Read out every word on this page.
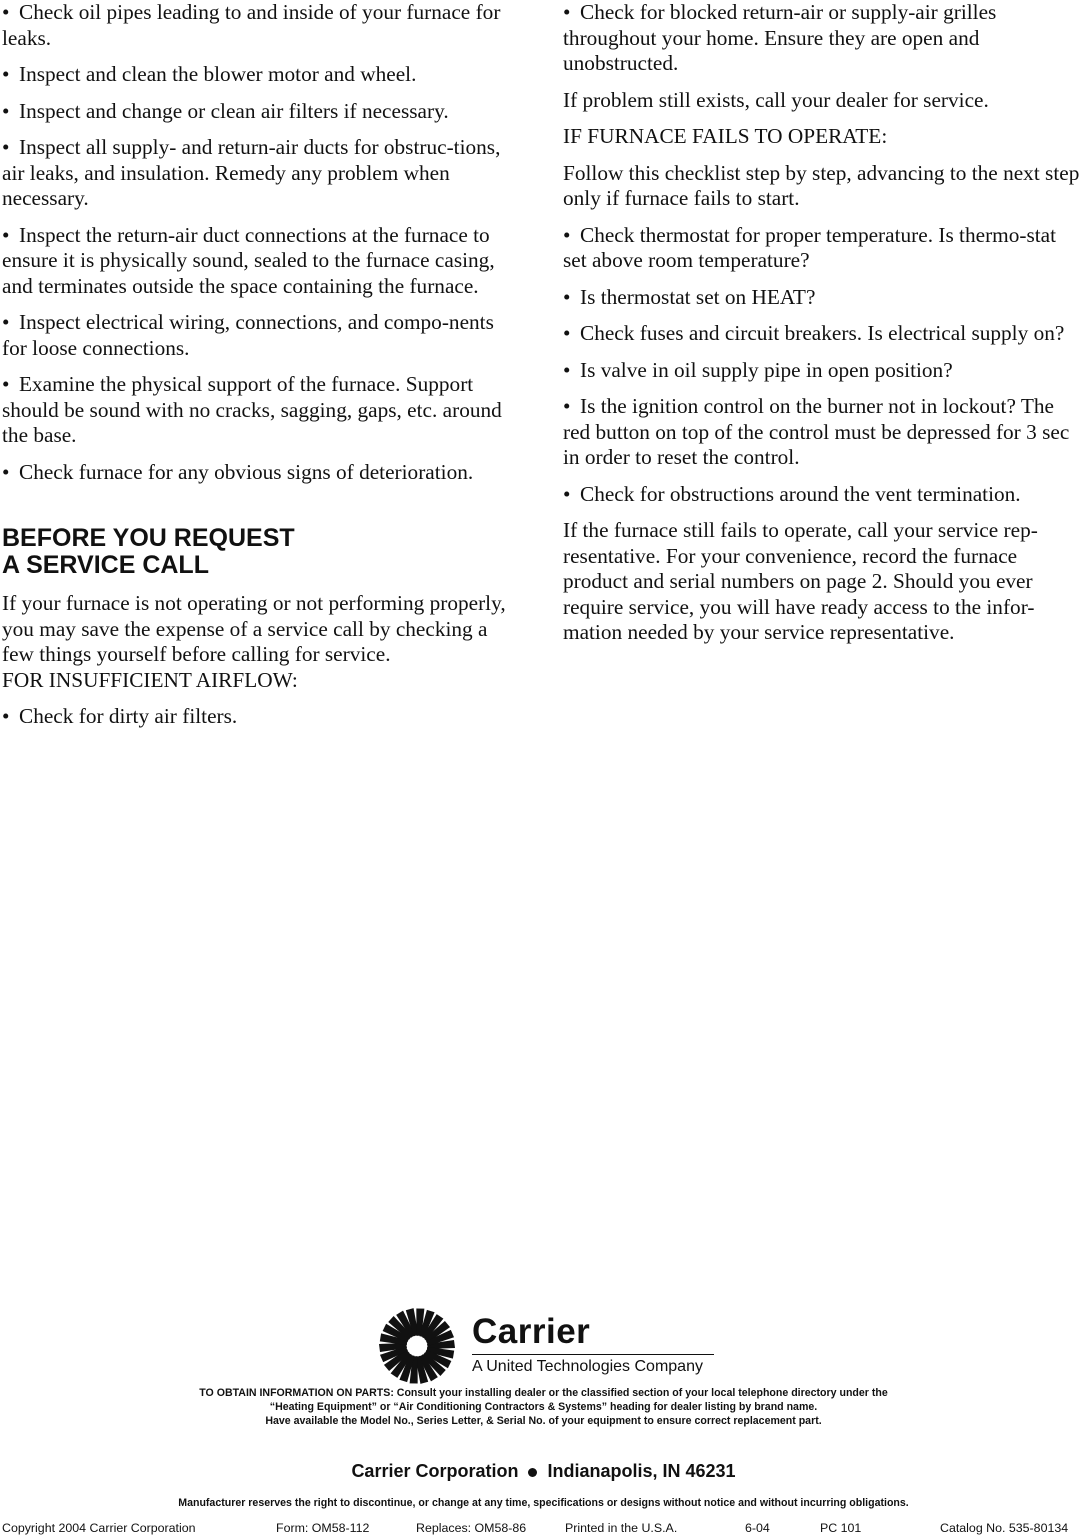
• Check oil pipes leading to and inside of your furnace for leaks.

• Inspect and clean the blower motor and wheel.

• Inspect and change or clean air filters if necessary.

• Inspect all supply- and return-air ducts for obstruc-tions, air leaks, and insulation. Remedy any problem when necessary.

• Inspect the return-air duct connections at the furnace to ensure it is physically sound, sealed to the furnace casing, and terminates outside the space containing the furnace.

• Inspect electrical wiring, connections, and compo-nents for loose connections.

• Examine the physical support of the furnace. Support should be sound with no cracks, sagging, gaps, etc. around the base.

• Check furnace for any obvious signs of deterioration.

BEFORE YOU REQUEST
A SERVICE CALL

If your furnace is not operating or not performing properly, you may save the expense of a service call by checking a few things yourself before calling for service.

FOR INSUFFICIENT AIRFLOW:

• Check for dirty air filters.

• Check for blocked return-air or supply-air grilles throughout your home. Ensure they are open and unobstructed.

If problem still exists, call your dealer for service.

IF FURNACE FAILS TO OPERATE:

Follow this checklist step by step, advancing to the next step only if furnace fails to start.

• Check thermostat for proper temperature. Is thermo-stat set above room temperature?

• Is thermostat set on HEAT?

• Check fuses and circuit breakers. Is electrical supply on?

• Is valve in oil supply pipe in open position?

• Is the ignition control on the burner not in lockout? The red button on top of the control must be depressed for 3 sec in order to reset the control.

• Check for obstructions around the vent termination.

If the furnace still fails to operate, call your service rep-resentative. For your convenience, record the furnace product and serial numbers on page 2. Should you ever require service, you will have ready access to the infor-mation needed by your service representative.

Carrier
A United Technologies Company
TO OBTAIN INFORMATION ON PARTS: Consult your installing dealer or the classified section of your local telephone directory under the
“Heating Equipment” or “Air Conditioning Contractors & Systems” heading for dealer listing by brand name.
Have available the Model No., Series Letter, & Serial No. of your equipment to ensure correct replacement part.
Carrier Corporation Indianapolis, IN 46231
Manufacturer reserves the right to discontinue, or change at any time, specifications or designs without notice and without incurring obligations.
Copyright 2004 Carrier Corporation	Form: OM58-112	Replaces: OM58-86	Printed in the U.S.A.	6-04	PC 101	Catalog No. 535-80134
